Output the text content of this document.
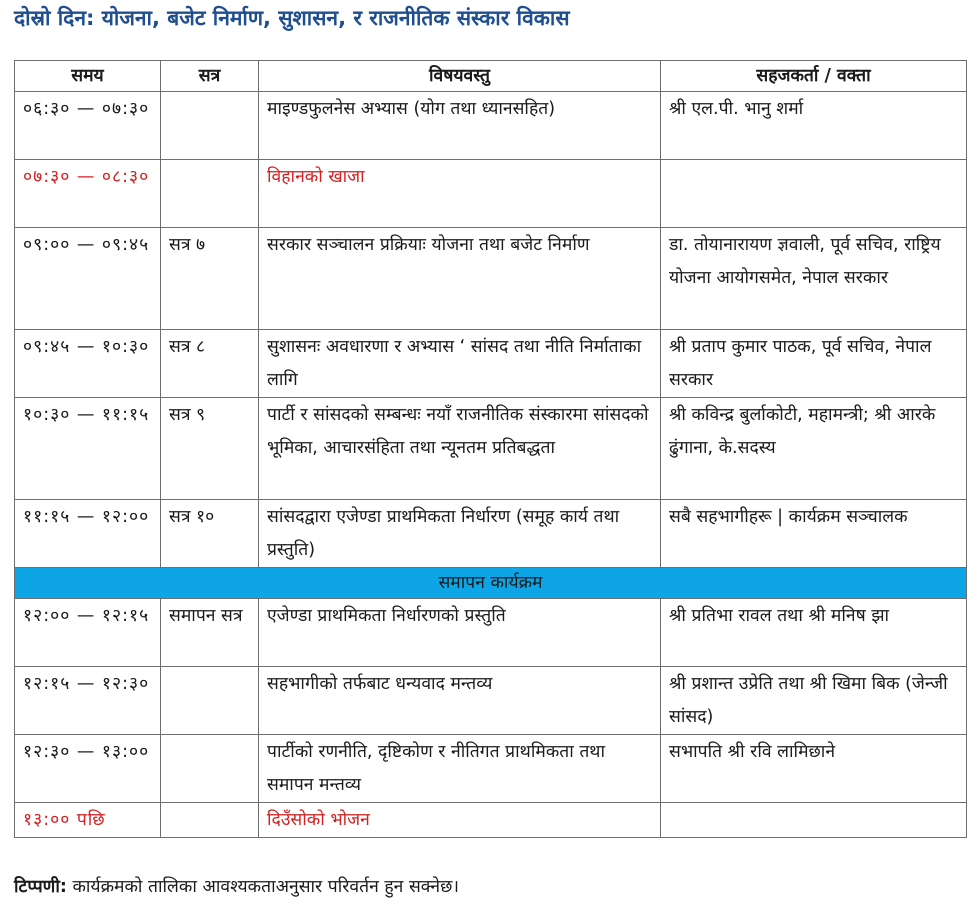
दोस्रो दिन: योजना, बजेट निर्माण, सुशासन, र राजनीतिक संस्कार विकास
समय	सत्र	विषयवस्तु	सहजकर्ता / वक्ता
०६:३० — ०७:३०		माइण्डफुलनेस अभ्यास (योग तथा ध्यानसहित)	श्री एल.पी. भानु शर्मा
०७:३० — ०८:३०		विहानको खाजा	
०९:०० — ०९:४५	सत्र ७	सरकार सञ्चालन प्रक्रियाः योजना तथा बजेट निर्माण	डा. तोयानारायण ज्ञवाली, पूर्व सचिव, राष्ट्रिय योजना आयोगसमेत, नेपाल सरकार
०९:४५ — १०:३०	सत्र ८	सुशासनः अवधारणा र अभ्यास ‘ सांसद तथा नीति निर्माताका लागि	श्री प्रताप कुमार पाठक, पूर्व सचिव, नेपाल सरकार
१०:३० — ११:१५	सत्र ९	पार्टी र सांसदको सम्बन्धः नयाँ राजनीतिक संस्कारमा सांसदको भूमिका, आचारसंहिता तथा न्यूनतम प्रतिबद्धता	श्री कविन्द्र बुर्लाकोटी, महामन्त्री; श्री आरके ढुंगाना, के.सदस्य
११:१५ — १२:००	सत्र १०	सांसदद्वारा एजेण्डा प्राथमिकता निर्धारण (समूह कार्य तथा प्रस्तुति)	सबै सहभागीहरू | कार्यक्रम सञ्चालक
समापन कार्यक्रम			
१२:०० — १२:१५	समापन सत्र	एजेण्डा प्राथमिकता निर्धारणको प्रस्तुति	श्री प्रतिभा रावल तथा श्री मनिष झा
१२:१५ — १२:३०		सहभागीको तर्फबाट धन्यवाद मन्तव्य	श्री प्रशान्त उप्रेति तथा श्री खिमा बिक (जेन्जी सांसद)
१२:३० — १३:००		पार्टीको रणनीति, दृष्टिकोण र नीतिगत प्राथमिकता तथा समापन मन्तव्य	सभापति श्री रवि लामिछाने
१३:०० पछि		दिउँसोको भोजन	
टिप्पणी: कार्यक्रमको तालिका आवश्यकताअनुसार परिवर्तन हुन सक्नेछ।
